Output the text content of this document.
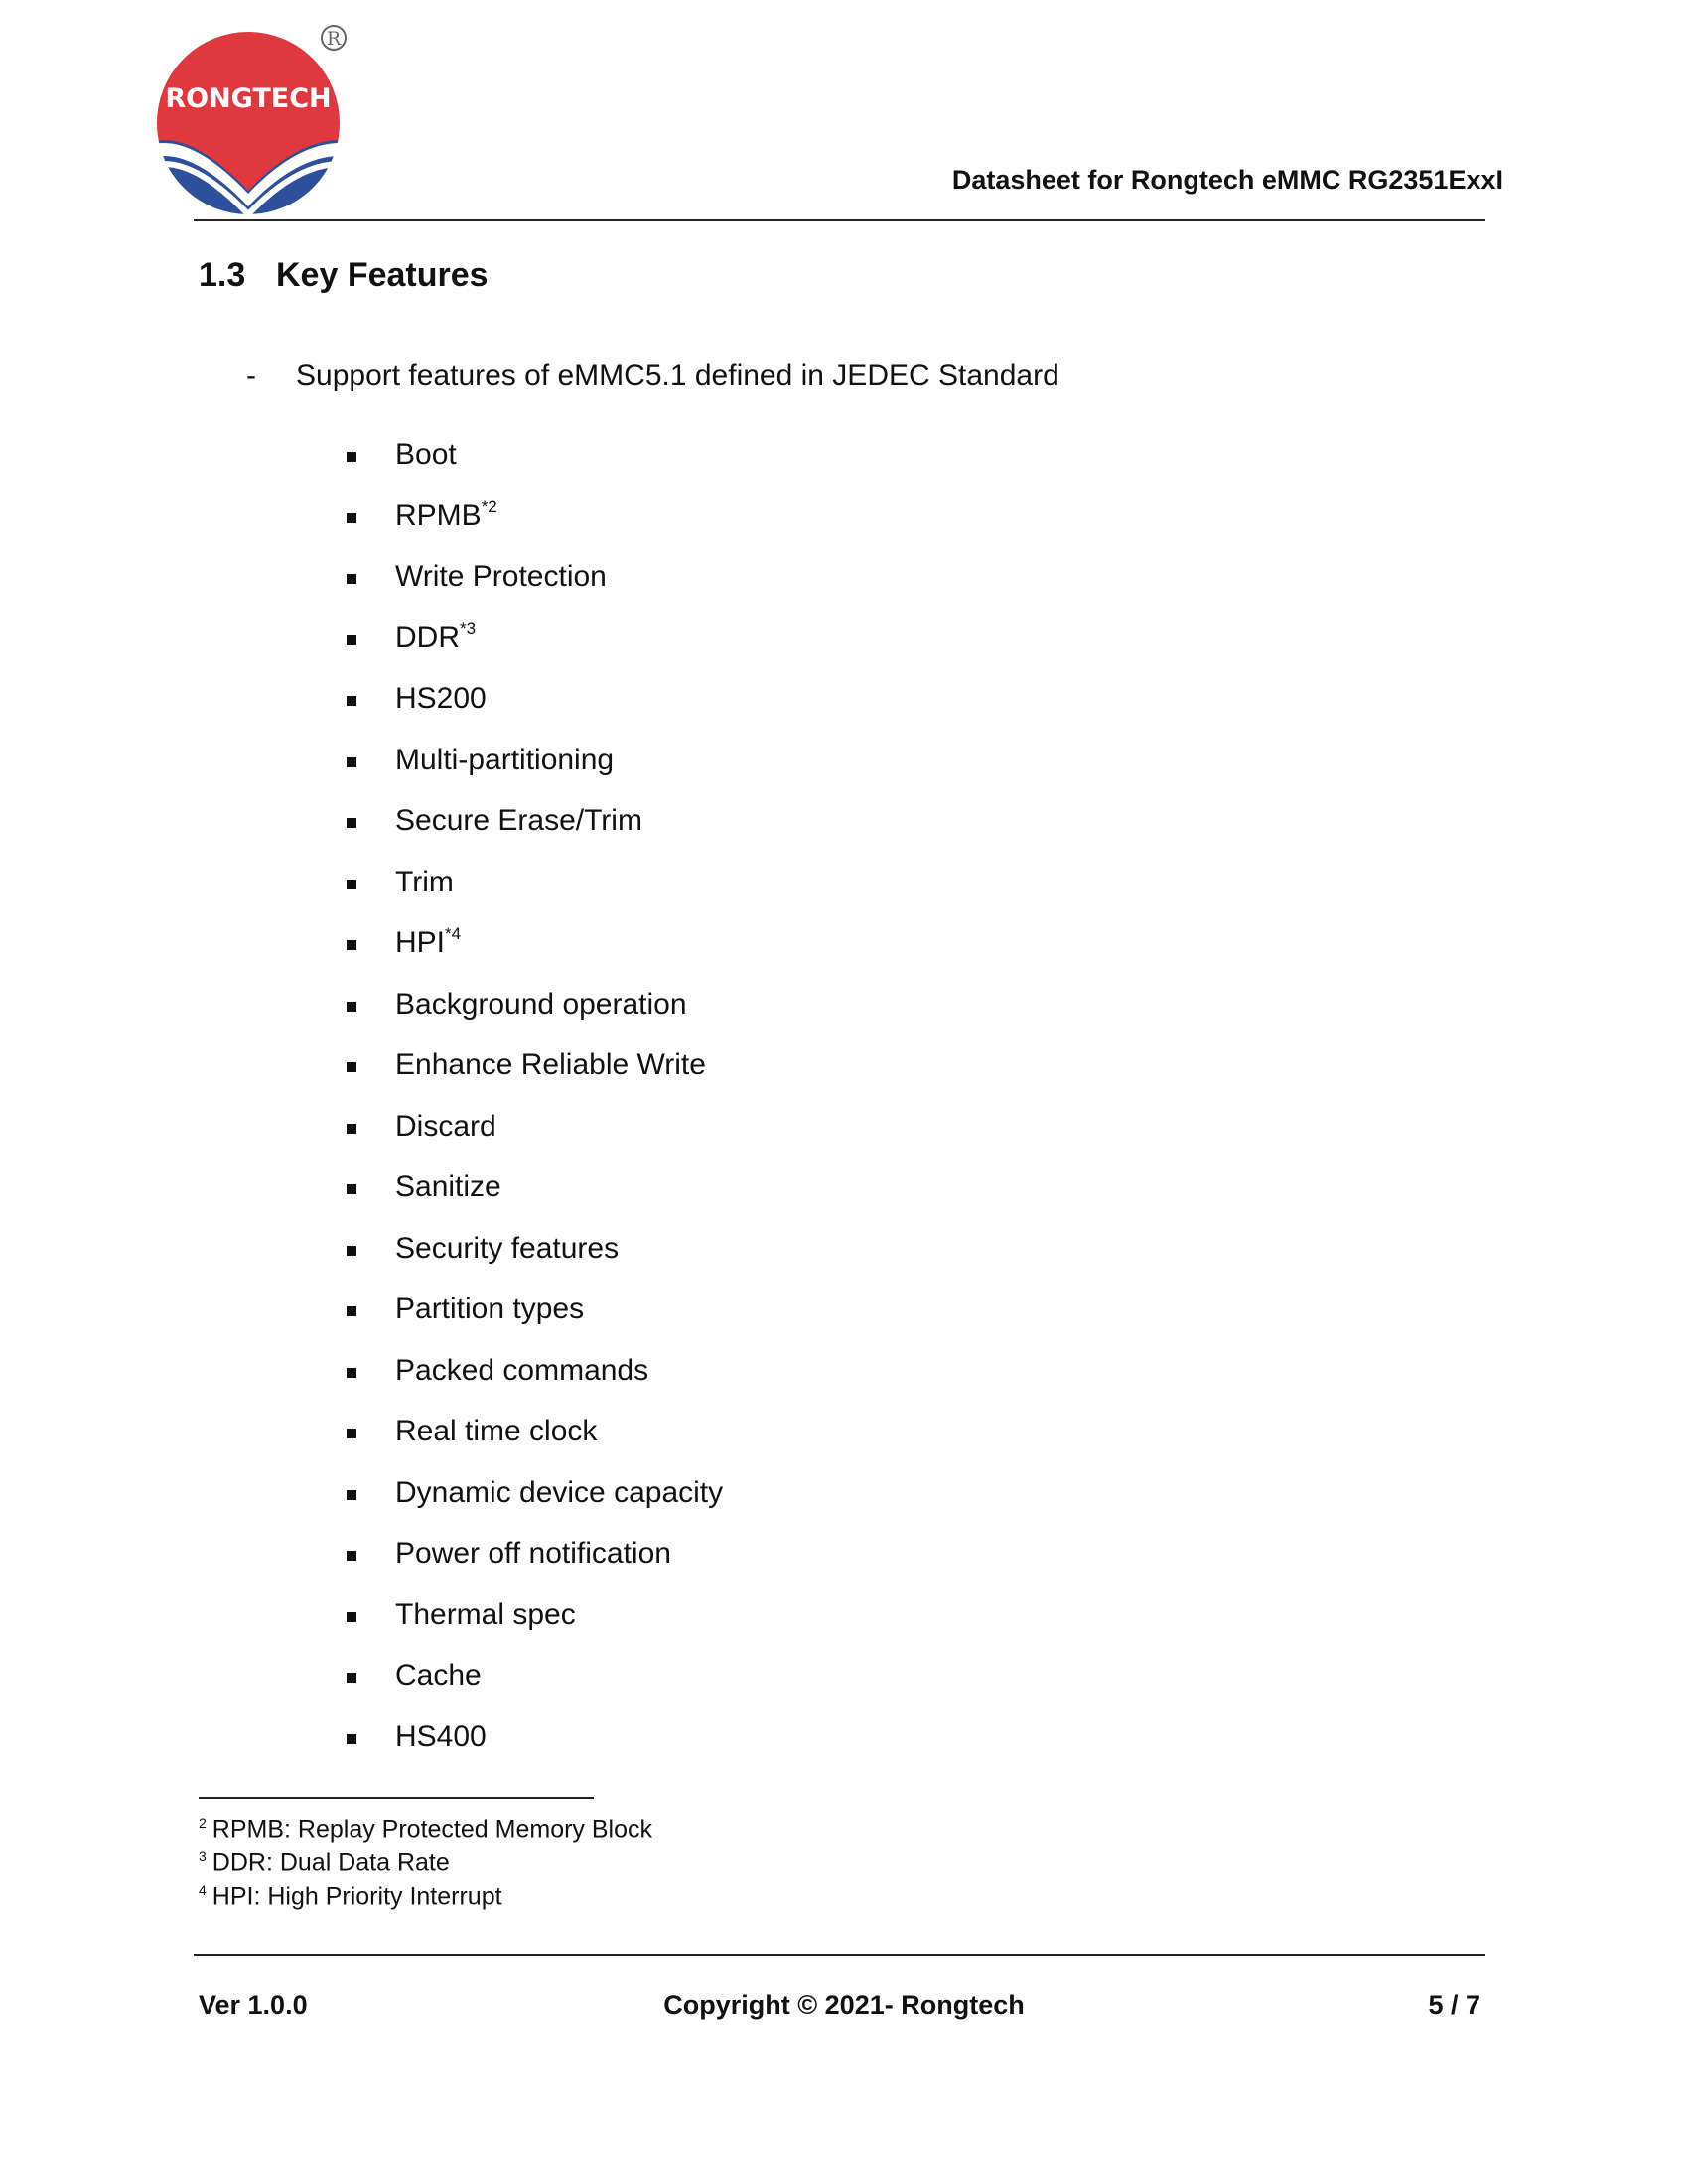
RONGTECH
R
Datasheet for Rongtech eMMC RG2351ExxI
1.3 Key Features
- Support features of eMMC5.1 defined in JEDEC Standard
Boot
RPMB$^{*2}$
Write Protection
DDR$^{*3}$
HS200
Multi-partitioning
Secure Erase/Trim
Trim
HPI$^{*4}$
Background operation
Enhance Reliable Write
Discard
Sanitize
Security features
Partition types
Packed commands
Real time clock
Dynamic device capacity
Power off notification
Thermal spec
Cache
HS400
$^2$ RPMB: Replay Protected Memory Block
$^3$ DDR: Dual Data Rate
$^4$ HPI: High Priority Interrupt
Ver 1.0.0	Copyright © 2021- Rongtech	5 / 7
